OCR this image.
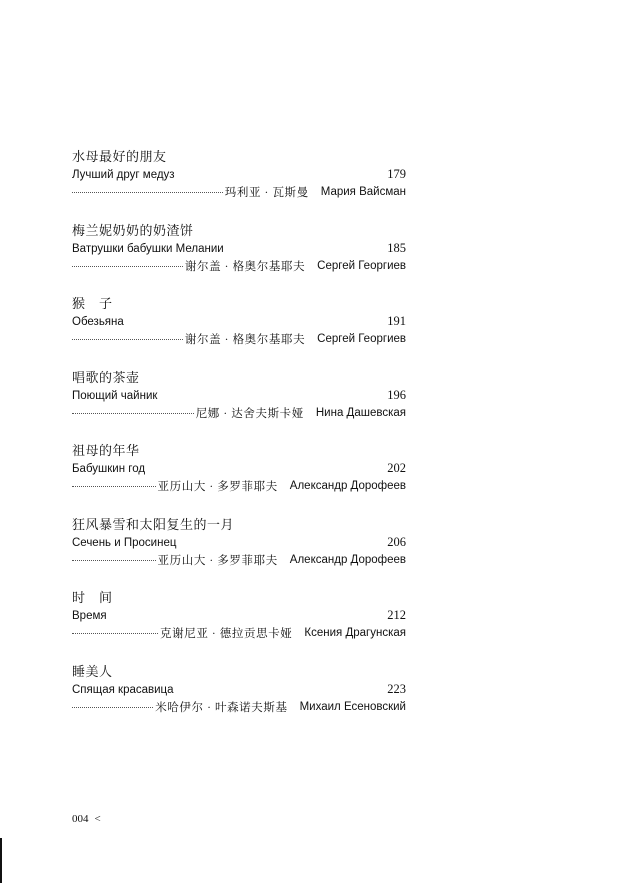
水母最好的朋友
Лучший друг медуз	179
玛利亚 · 瓦斯曼 Мария Вайсман
梅兰妮奶奶的奶渣饼
Ватрушки бабушки Мелании	185
谢尔盖 · 格奥尔基耶夫 Сергей Георгиев
猴　子
Обезьяна	191
谢尔盖 · 格奥尔基耶夫 Сергей Георгиев
唱歌的茶壶
Поющий чайник	196
尼娜 · 达舍夫斯卡娅 Нина Дашевская
祖母的年华
Бабушкин год	202
亚历山大 · 多罗菲耶夫 Александр Дорофеев
狂风暴雪和太阳复生的一月
Сечень и Просинец	206
亚历山大 · 多罗菲耶夫 Александр Дорофеев
时　间
Время	212
克谢尼亚 · 德拉贡思卡娅 Ксения Драгунская
睡美人
Спящая красавица	223
米哈伊尔 · 叶森诺夫斯基 Михаил Есеновский
004 <
